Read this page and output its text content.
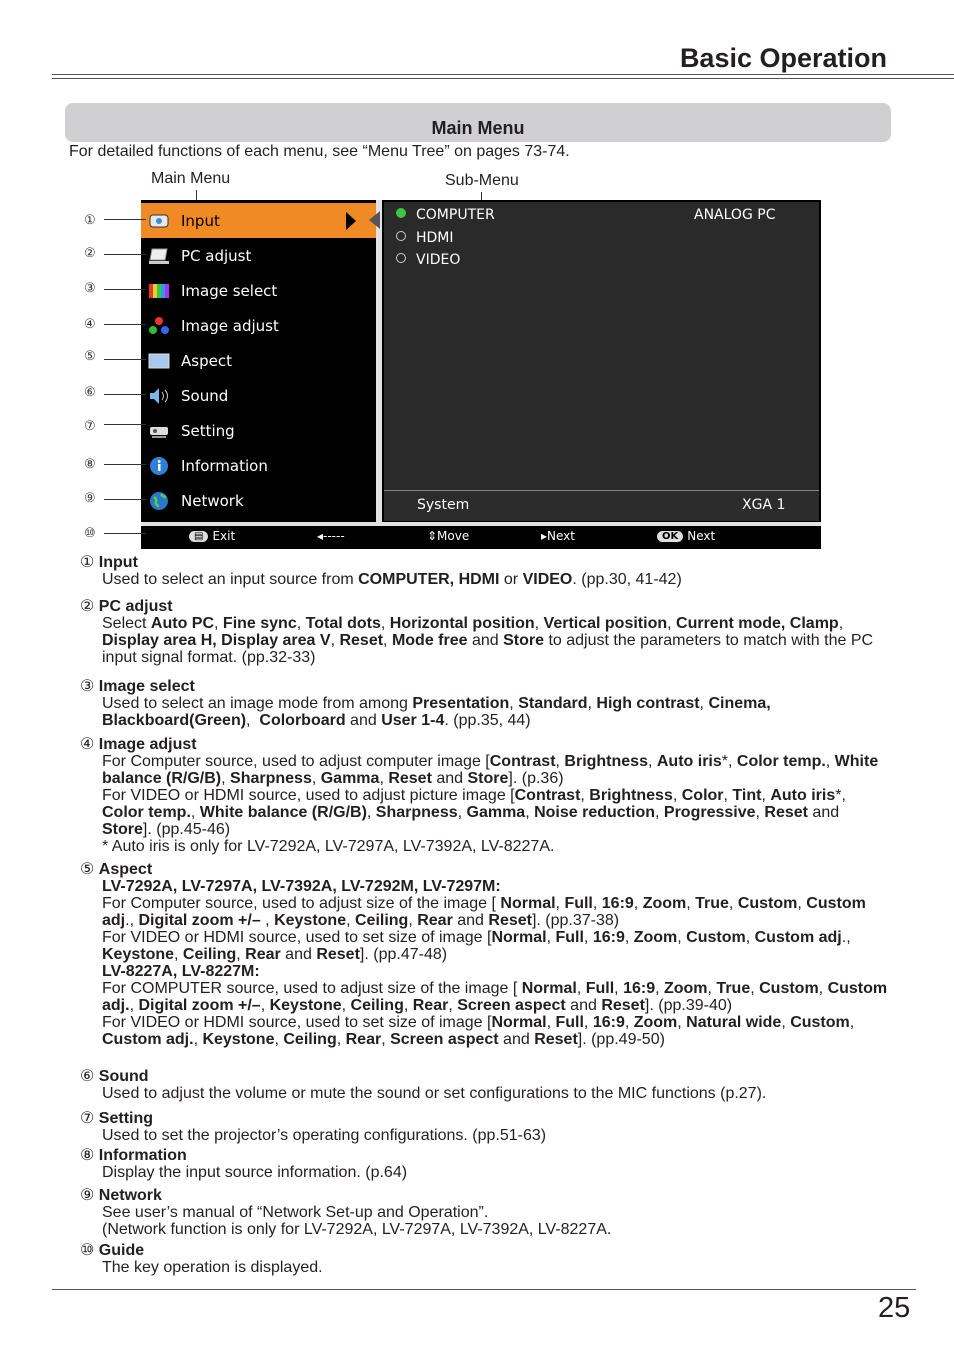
Basic Operation
Main Menu
For detailed functions of each menu, see “Menu Tree” on pages 73-74.
Main Menu	Sub-Menu
Input
PC adjust
Image select
Image adjust
Aspect
Sound
Setting
Information
Network
COMPUTER
HDMI
VIDEO
ANALOG PC
System	XGA 1
▤ Exit	◂-----	⇕Move	▸Next	OK Next
①
②
③
④
⑤
⑥
⑦
⑧
⑨
⑩
① Input
Used to select an input source from COMPUTER, HDMI or VIDEO. (pp.30, 41-42)
② PC adjust
Select Auto PC, Fine sync, Total dots, Horizontal position, Vertical position, Current mode, Clamp, Display area H, Display area V, Reset, Mode free and Store to adjust the parameters to match with the PC input signal format. (pp.32-33)
③ Image select
Used to select an image mode from among Presentation, Standard, High contrast, Cinema, Blackboard(Green),  Colorboard and User 1-4. (pp.35, 44)
④ Image adjust
For Computer source, used to adjust computer image [Contrast, Brightness, Auto iris*, Color temp., White balance (R/G/B), Sharpness, Gamma, Reset and Store]. (p.36)
For VIDEO or HDMI source, used to adjust picture image [Contrast, Brightness, Color, Tint, Auto iris*, Color temp., White balance (R/G/B), Sharpness, Gamma, Noise reduction, Progressive, Reset and Store]. (pp.45-46)
* Auto iris is only for LV-7292A, LV-7297A, LV-7392A, LV-8227A.
⑤ Aspect
LV-7292A, LV-7297A, LV-7392A, LV-7292M, LV-7297M:
For Computer source, used to adjust size of the image [ Normal, Full, 16:9, Zoom, True, Custom, Custom adj., Digital zoom +/– , Keystone, Ceiling, Rear and Reset]. (pp.37-38)
For VIDEO or HDMI source, used to set size of image [Normal, Full, 16:9, Zoom, Custom, Custom adj., Keystone, Ceiling, Rear and Reset]. (pp.47-48)
LV-8227A, LV-8227M:
For COMPUTER source, used to adjust size of the image [ Normal, Full, 16:9, Zoom, True, Custom, Custom adj., Digital zoom +/–, Keystone, Ceiling, Rear, Screen aspect and Reset]. (pp.39-40)
For VIDEO or HDMI source, used to set size of image [Normal, Full, 16:9, Zoom, Natural wide, Custom, Custom adj., Keystone, Ceiling, Rear, Screen aspect and Reset]. (pp.49-50)
⑥ Sound
Used to adjust the volume or mute the sound or set configurations to the MIC functions (p.27).
⑦ Setting
Used to set the projector’s operating configurations. (pp.51-63)
⑧ Information
Display the input source information. (p.64)
⑨ Network
See user’s manual of “Network Set-up and Operation”.
(Network function is only for LV-7292A, LV-7297A, LV-7392A, LV-8227A.
⑩ Guide
The key operation is displayed.
25
